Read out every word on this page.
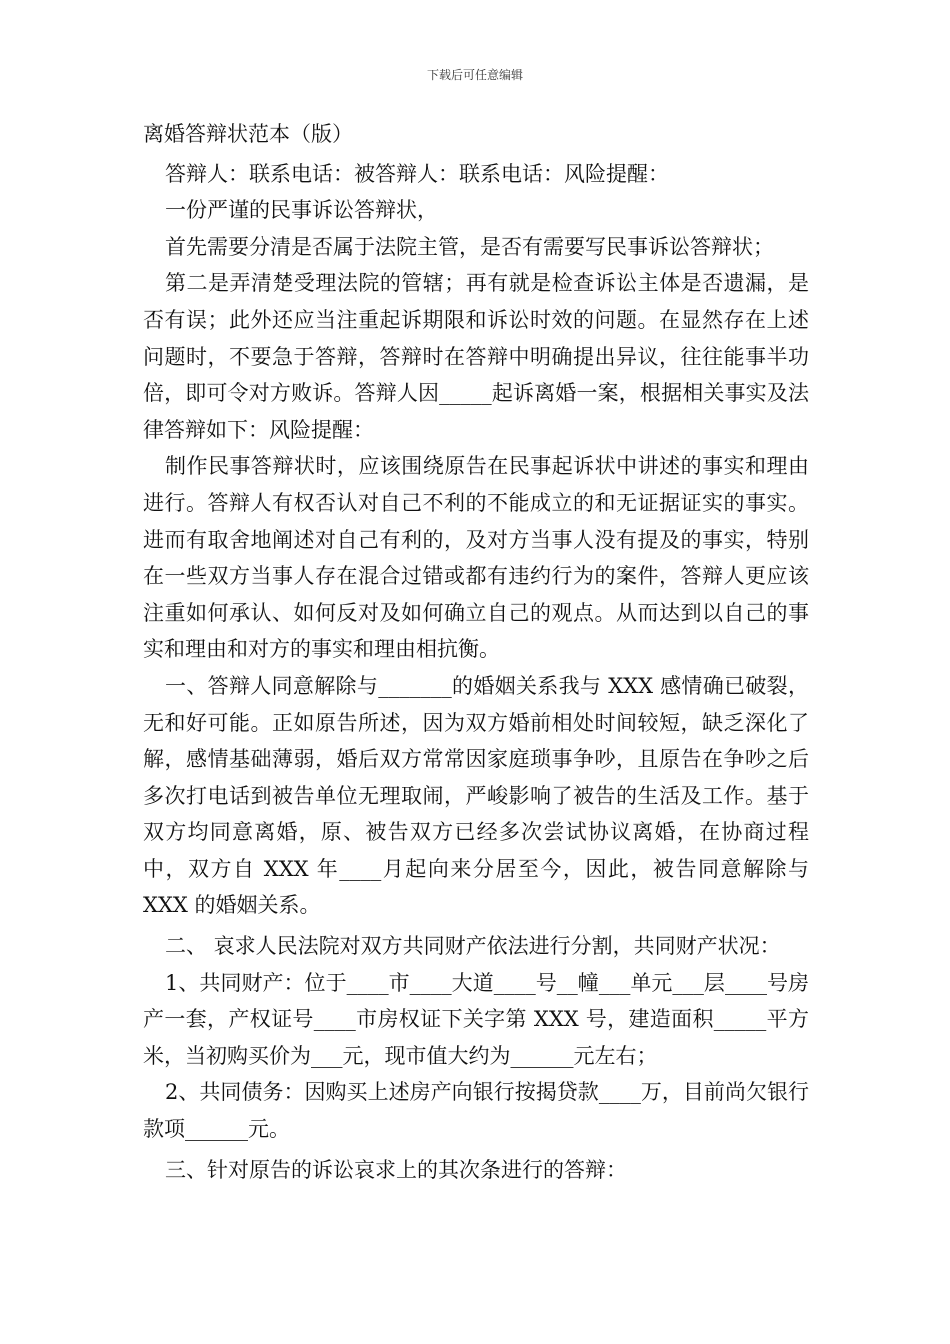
下载后可任意编辑

离婚答辩状范本（版）

答辩人：联系电话：被答辩人：联系电话：风险提醒：

一份严谨的民事诉讼答辩状，

首先需要分清是否属于法院主管，是否有需要写民事诉讼答辩状；

第二是弄清楚受理法院的管辖；再有就是检查诉讼主体是否遗漏，是否有误；此外还应当注重起诉期限和诉讼时效的问题。在显然存在上述问题时，不要急于答辩，答辩时在答辩中明确提出异议，往往能事半功倍，即可令对方败诉。答辩人因_____起诉离婚一案，根据相关事实及法律答辩如下：风险提醒：

制作民事答辩状时，应该围绕原告在民事起诉状中讲述的事实和理由进行。答辩人有权否认对自己不利的不能成立的和无证据证实的事实。进而有取舍地阐述对自己有利的，及对方当事人没有提及的事实，特别在一些双方当事人存在混合过错或都有违约行为的案件，答辩人更应该注重如何承认、如何反对及如何确立自己的观点。从而达到以自己的事实和理由和对方的事实和理由相抗衡。

一、答辩人同意解除与_______的婚姻关系我与 XXX 感情确已破裂，无和好可能。正如原告所述，因为双方婚前相处时间较短，缺乏深化了解，感情基础薄弱，婚后双方常常因家庭琐事争吵，且原告在争吵之后多次打电话到被告单位无理取闹，严峻影响了被告的生活及工作。基于双方均同意离婚，原、被告双方已经多次尝试协议离婚，在协商过程中，双方自 XXX 年____月起向来分居至今，因此，被告同意解除与 XXX 的婚姻关系。

二、 哀求人民法院对双方共同财产依法进行分割，共同财产状况：

1、共同财产：位于____市____大道____号__幢___单元___层____号房产一套，产权证号____市房权证下关字第 XXX 号，建造面积_____平方米，当初购买价为___元，现市值大约为______元左右；

2、共同债务：因购买上述房产向银行按揭贷款____万，目前尚欠银行款项______元。

三、针对原告的诉讼哀求上的其次条进行的答辩：
